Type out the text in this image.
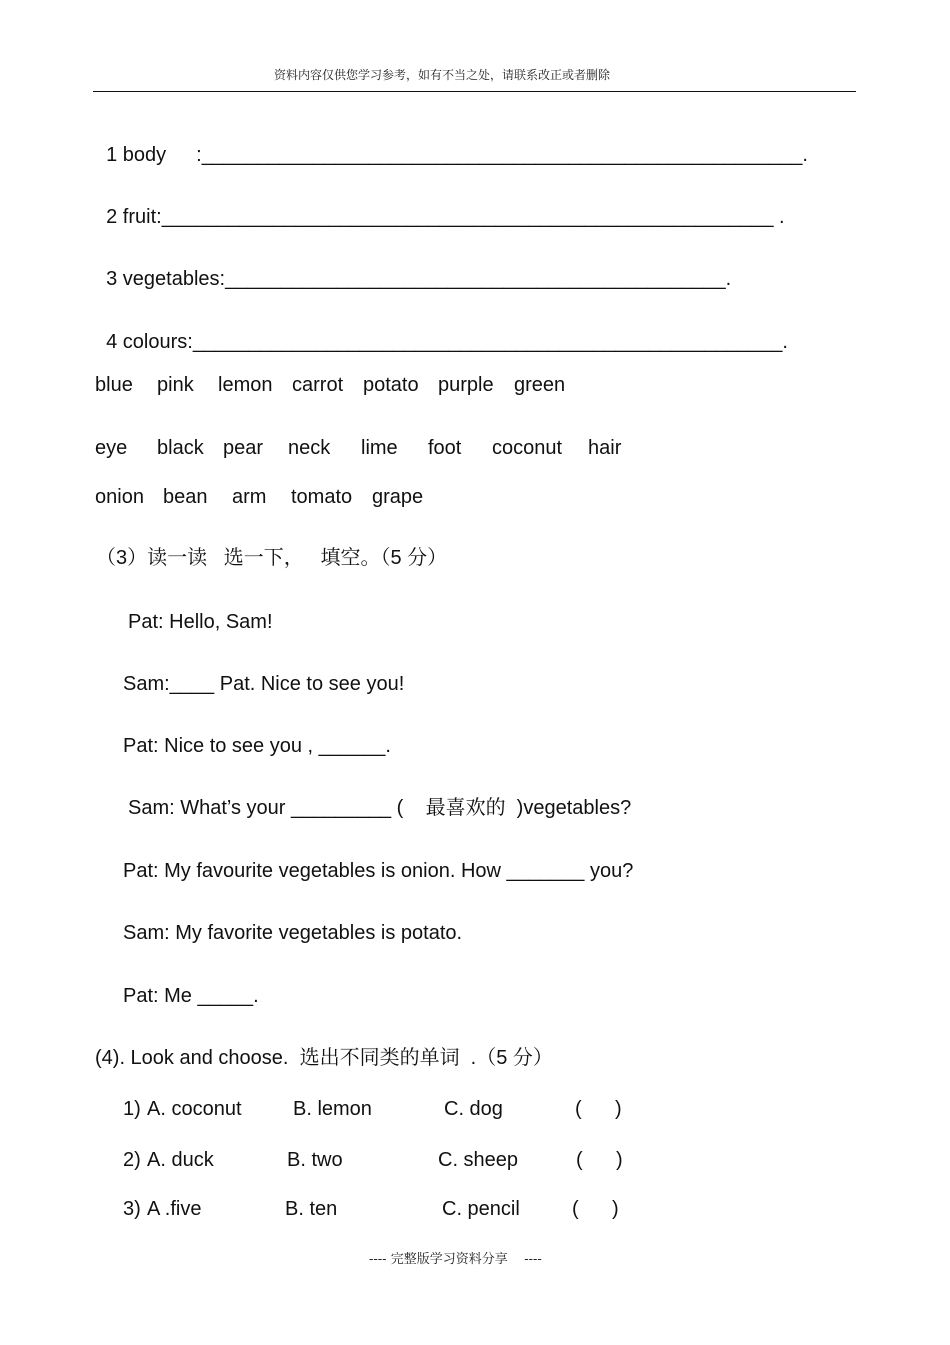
资料内容仅供您学习参考，如有不当之处，请联系改正或者删除

1 body	:______________________________________________________.

2 fruit:_______________________________________________________ .

3 vegetables:_____________________________________________.

4 colours:_____________________________________________________.

blue pink lemon carrot potato purple green
eye black pear neck lime foot coconut hair
onion bean arm tomato grape
（3）读一读   选一下，   填空。（5 分）
Pat: Hello, Sam!
Sam:____ Pat. Nice to see you!
Pat: Nice to see you , ______.
Sam: What’s your _________ (    最喜欢的  )vegetables?
Pat: My favourite vegetables is onion. How _______ you?
Sam: My favorite vegetables is potato.
Pat: Me _____.
(4). Look and choose.  选出不同类的单词  .（5 分）
1) A. coconut	B. lemon	C. dog	(      )
2) A. duck	B. two	C. sheep	(      )
3) A .five	B. ten	C. pencil	(      )
---- 完整版学习资料分享    ----
